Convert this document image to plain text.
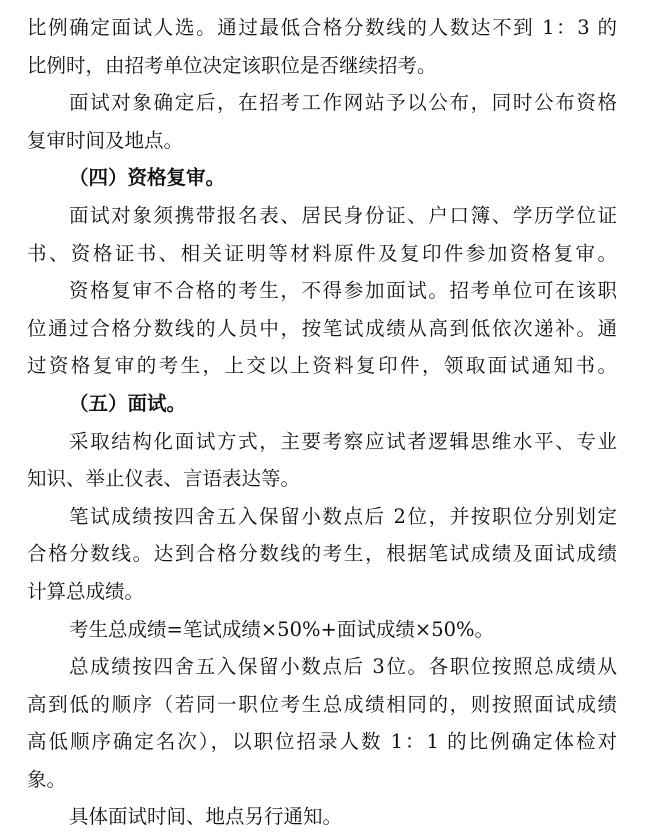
比例确定面试人选。通过最低合格分数线的人数达不到 1：3 的
比例时，由招考单位决定该职位是否继续招考。
面试对象确定后，在招考工作网站予以公布，同时公布资格
复审时间及地点。
（四）资格复审。
面试对象须携带报名表、居民身份证、户口簿、学历学位证
书、资格证书、相关证明等材料原件及复印件参加资格复审。
资格复审不合格的考生，不得参加面试。招考单位可在该职
位通过合格分数线的人员中，按笔试成绩从高到低依次递补。通
过资格复审的考生，上交以上资料复印件，领取面试通知书。
（五）面试。
采取结构化面试方式，主要考察应试者逻辑思维水平、专业
知识、举止仪表、言语表达等。
笔试成绩按四舍五入保留小数点后 2位，并按职位分别划定
合格分数线。达到合格分数线的考生，根据笔试成绩及面试成绩
计算总成绩。
考生总成绩=笔试成绩×50%+面试成绩×50%。
总成绩按四舍五入保留小数点后 3位。各职位按照总成绩从
高到低的顺序（若同一职位考生总成绩相同的，则按照面试成绩
高低顺序确定名次），以职位招录人数 1：1 的比例确定体检对
象。
具体面试时间、地点另行通知。
